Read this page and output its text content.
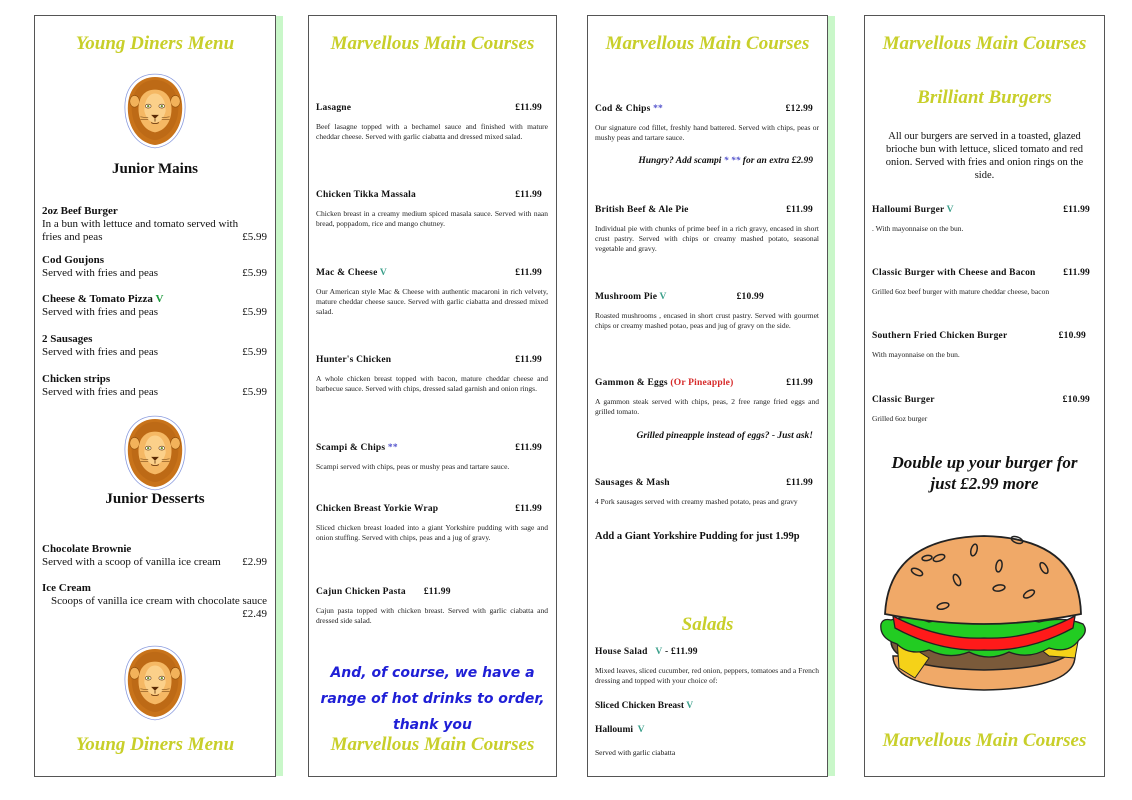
Young Diners Menu
Junior Mains
2oz Beef Burger
In a bun with lettuce and tomato served with
fries and peas	£5.99
Cod Goujons
Served with fries and peas	£5.99
Cheese & Tomato Pizza V
Served with fries and peas	£5.99
2 Sausages
Served with fries and peas	£5.99
Chicken strips
Served with fries and peas	£5.99
Junior Desserts
Chocolate Brownie
Served with a scoop of vanilla ice cream £2.99
Ice Cream
Scoops of vanilla ice cream with chocolate sauce
£2.49
Young Diners Menu
Marvellous Main Courses
Lasagne	£11.99
Beef lasagne topped with a bechamel sauce and finished with mature cheddar cheese. Served with garlic ciabatta and dressed mixed salad.
Chicken Tikka Massala	£11.99
Chicken breast in a creamy medium spiced masala sauce. Served with naan bread, poppadom, rice and mango chutney.
Mac & Cheese V	£11.99
Our American style Mac & Cheese with authentic macaroni in rich velvety, mature cheddar cheese sauce. Served with garlic ciabatta and dressed mixed salad.
Hunter's Chicken	£11.99
A whole chicken breast topped with bacon, mature cheddar cheese and barbecue sauce. Served with chips, dressed salad garnish and onion rings.
Scampi & Chips **	£11.99
Scampi served with chips, peas or mushy peas and tartare sauce.
Chicken Breast Yorkie Wrap	£11.99
Sliced chicken breast loaded into a giant Yorkshire pudding with sage and onion stuffing. Served with chips, peas and a jug of gravy.
Cajun Chicken Pasta £11.99
Cajun pasta topped with chicken breast. Served with garlic ciabatta and dressed side salad.
And, of course, we have a
range of hot drinks to order,
thank you
Marvellous Main Courses
Marvellous Main Courses
Cod & Chips **	£12.99
Our signature cod fillet, freshly hand battered. Served with chips, peas or mushy peas and tartare sauce.
Hungry? Add scampi * ** for an extra £2.99
British Beef & Ale Pie	£11.99
Individual pie with chunks of prime beef in a rich gravy, encased in short crust pastry. Served with chips or creamy mashed potato, seasonal vegetable and gravy.
Mushroom Pie V	£10.99
Roasted mushrooms , encased in short crust pastry. Served with gourmet chips or creamy mashed potao, peas and jug of gravy on the side.
Gammon & Eggs (Or Pineapple)	£11.99
A gammon steak served with chips, peas, 2 free range fried eggs and grilled tomato.
Grilled pineapple instead of eggs? - Just ask!
Sausages & Mash	£11.99
4 Pork sausages served with creamy mashed potato, peas and gravy
Add a Giant Yorkshire Pudding for just 1.99p
Salads
House Salad
V
- £11.99
Mixed leaves, sliced cucumber, red onion, peppers, tomatoes and a French dressing and topped with your choice of:
Sliced Chicken Breast V
Halloumi V
Served with garlic ciabatta
Marvellous Main Courses
Brilliant Burgers
All our burgers are served in a toasted, glazed brioche bun with lettuce, sliced tomato and red onion. Served with fries and onion rings on the side.
Halloumi Burger V	£11.99
. With mayonnaise on the bun.
Classic Burger with Cheese and Bacon	£11.99
Grilled 6oz beef burger with mature cheddar cheese, bacon
Southern Fried Chicken Burger	£10.99
With mayonnaise on the bun.
Classic Burger	£10.99
Grilled 6oz burger
Double up your burger for
just £2.99 more
Marvellous Main Courses
